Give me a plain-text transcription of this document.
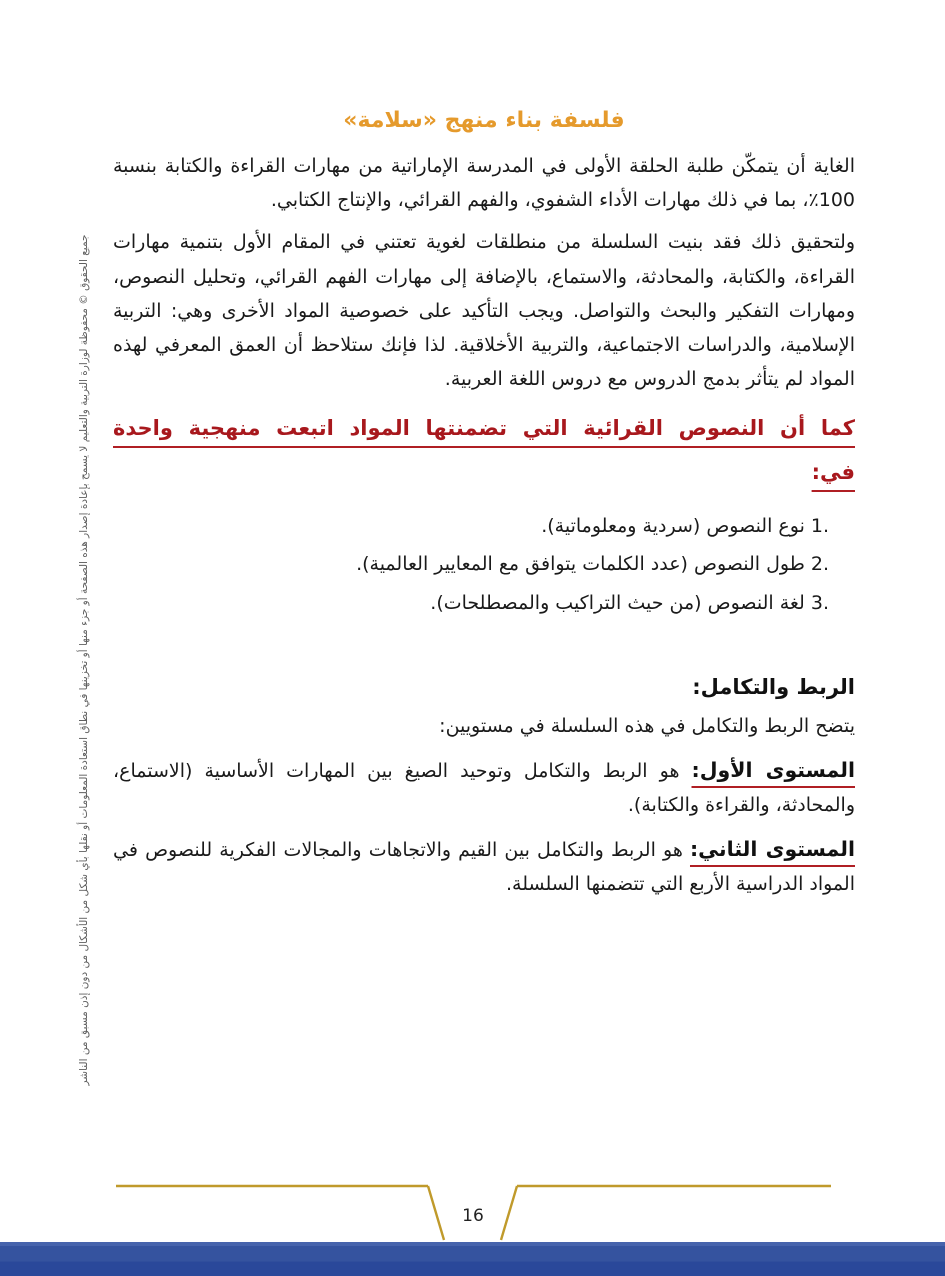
فلسفة بناء منهج «سلامة»

الغاية أن يتمكّن طلبة الحلقة الأولى في المدرسة الإماراتية من مهارات القراءة والكتابة بنسبة 100٪، بما في ذلك مهارات الأداء الشفوي، والفهم القرائي، والإنتاج الكتابي.

ولتحقيق ذلك فقد بنيت السلسلة من منطلقات لغوية تعتني في المقام الأول بتنمية مهارات القراءة، والكتابة، والمحادثة، والاستماع، بالإضافة إلى مهارات الفهم القرائي، وتحليل النصوص، ومهارات التفكير والبحث والتواصل. ويجب التأكيد على خصوصية المواد الأخرى وهي: التربية الإسلامية، والدراسات الاجتماعية، والتربية الأخلاقية. لذا فإنك ستلاحظ أن العمق المعرفي لهذه المواد لم يتأثر بدمج الدروس مع دروس اللغة العربية.

كما أن النصوص القرائية التي تضمنتها المواد اتبعت منهجية واحدة في:

1.نوع النصوص (سردية ومعلوماتية).
2.طول النصوص (عدد الكلمات يتوافق مع المعايير العالمية).
3.لغة النصوص (من حيث التراكيب والمصطلحات).
الربط والتكامل:

يتضح الربط والتكامل في هذه السلسلة في مستويين:

المستوى الأول: هو الربط والتكامل وتوحيد الصيغ بين المهارات الأساسية (الاستماع، والمحادثة، والقراءة والكتابة).

المستوى الثاني: هو الربط والتكامل بين القيم والاتجاهات والمجالات الفكرية للنصوص في المواد الدراسية الأربع التي تتضمنها السلسلة.

جميع الحقوق © محفوظة لوزارة التربية والتعليم لا يسمح بإعادة إصدار هذه الصفحة أو جزء منها أو تخزينها في نطاق استعادة المعلومات أو نقلها بأي شكل من الأشكال من دون إذن مسبق من الناشر
16
